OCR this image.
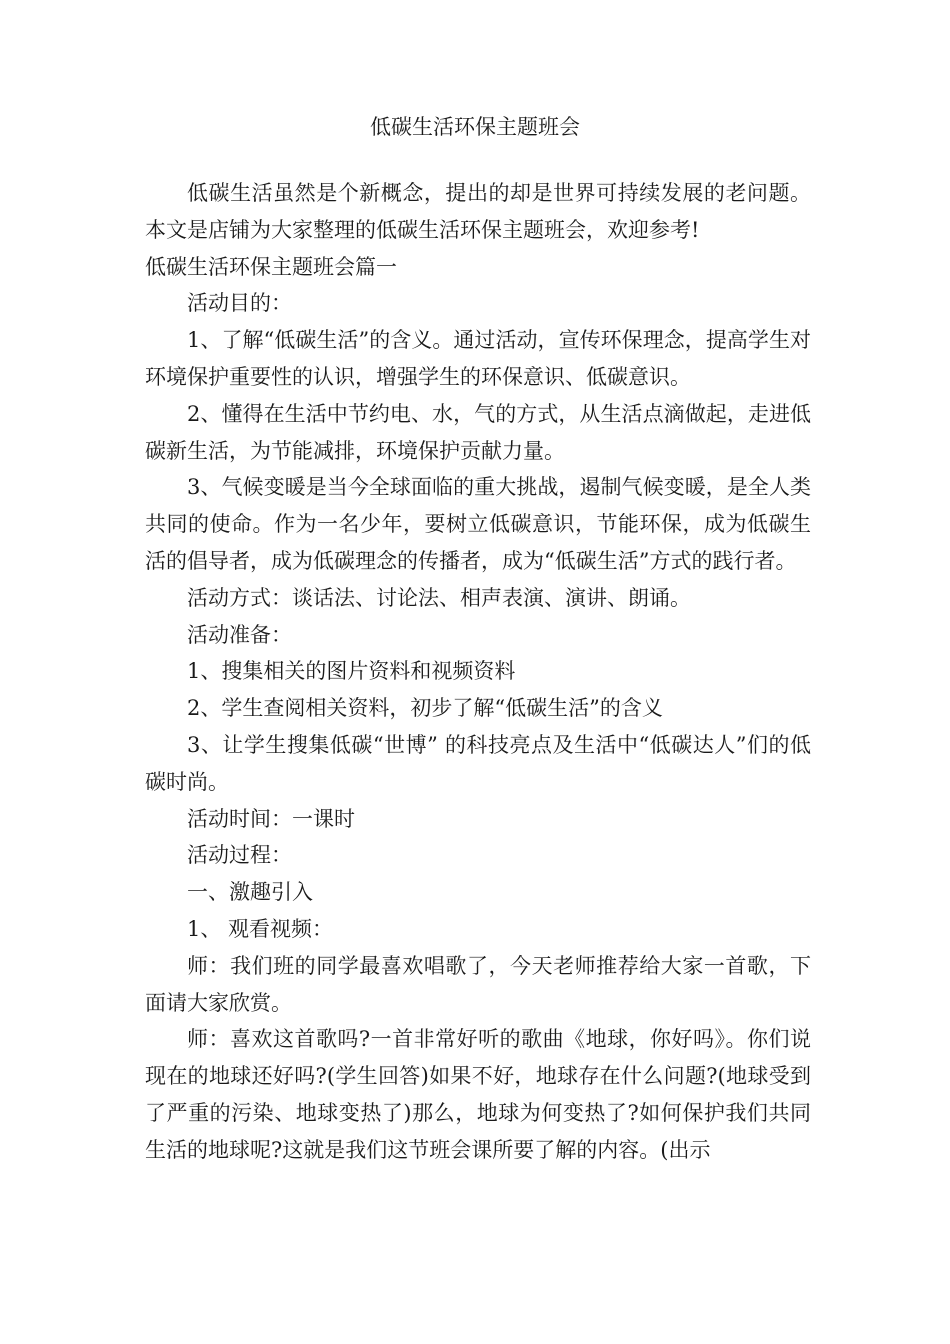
低碳生活环保主题班会

低碳生活虽然是个新概念，提出的却是世界可持续发展的老问题。本文是店铺为大家整理的低碳生活环保主题班会，欢迎参考!

低碳生活环保主题班会篇一

活动目的：

1、了解“低碳生活”的含义。通过活动，宣传环保理念，提高学生对环境保护重要性的认识，增强学生的环保意识、低碳意识。

2、懂得在生活中节约电、水，气的方式，从生活点滴做起，走进低碳新生活，为节能减排，环境保护贡献力量。

3、气候变暖是当今全球面临的重大挑战，遏制气候变暖，是全人类共同的使命。作为一名少年，要树立低碳意识，节能环保，成为低碳生活的倡导者，成为低碳理念的传播者，成为“低碳生活”方式的践行者。

活动方式：谈话法、讨论法、相声表演、演讲、朗诵。

活动准备：

1、搜集相关的图片资料和视频资料

2、学生查阅相关资料，初步了解“低碳生活”的含义

3、让学生搜集低碳“世博” 的科技亮点及生活中“低碳达人”们的低碳时尚。

活动时间：一课时

活动过程：

一、激趣引入

1、 观看视频：

师：我们班的同学最喜欢唱歌了，今天老师推荐给大家一首歌，下面请大家欣赏。

师：喜欢这首歌吗?一首非常好听的歌曲《地球，你好吗》。你们说现在的地球还好吗?(学生回答)如果不好，地球存在什么问题?(地球受到了严重的污染、地球变热了)那么，地球为何变热了?如何保护我们共同生活的地球呢?这就是我们这节班会课所要了解的内容。(出示
